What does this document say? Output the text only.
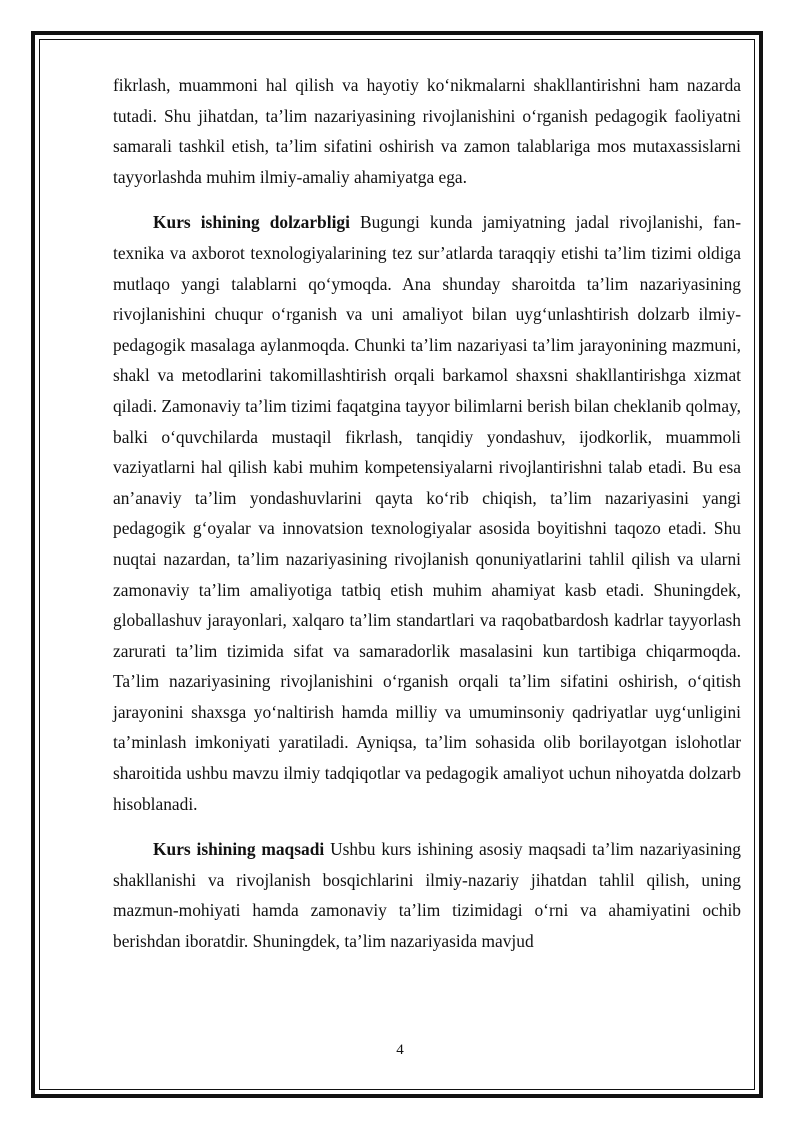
fikrlash, muammoni hal qilish va hayotiy ko‘nikmalarni shakllantirishni ham nazarda tutadi. Shu jihatdan, ta’lim nazariyasining rivojlanishini o‘rganish pedagogik faoliyatni samarali tashkil etish, ta’lim sifatini oshirish va zamon talablariga mos mutaxassislarni tayyorlashda muhim ilmiy-amaliy ahamiyatga ega.

Kurs ishining dolzarbligi Bugungi kunda jamiyatning jadal rivojlanishi, fan-texnika va axborot texnologiyalarining tez sur’atlarda taraqqiy etishi ta’lim tizimi oldiga mutlaqo yangi talablarni qo‘ymoqda. Ana shunday sharoitda ta’lim nazariyasining rivojlanishini chuqur o‘rganish va uni amaliyot bilan uyg‘unlashtirish dolzarb ilmiy-pedagogik masalaga aylanmoqda. Chunki ta’lim nazariyasi ta’lim jarayonining mazmuni, shakl va metodlarini takomillashtirish orqali barkamol shaxsni shakllantirishga xizmat qiladi. Zamonaviy ta’lim tizimi faqatgina tayyor bilimlarni berish bilan cheklanib qolmay, balki o‘quvchilarda mustaqil fikrlash, tanqidiy yondashuv, ijodkorlik, muammoli vaziyatlarni hal qilish kabi muhim kompetensiyalarni rivojlantirishni talab etadi. Bu esa an’anaviy ta’lim yondashuvlarini qayta ko‘rib chiqish, ta’lim nazariyasini yangi pedagogik g‘oyalar va innovatsion texnologiyalar asosida boyitishni taqozo etadi. Shu nuqtai nazardan, ta’lim nazariyasining rivojlanish qonuniyatlarini tahlil qilish va ularni zamonaviy ta’lim amaliyotiga tatbiq etish muhim ahamiyat kasb etadi. Shuningdek, globallashuv jarayonlari, xalqaro ta’lim standartlari va raqobatbardosh kadrlar tayyorlash zarurati ta’lim tizimida sifat va samaradorlik masalasini kun tartibiga chiqarmoqda. Ta’lim nazariyasining rivojlanishini o‘rganish orqali ta’lim sifatini oshirish, o‘qitish jarayonini shaxsga yo‘naltirish hamda milliy va umuminsoniy qadriyatlar uyg‘unligini ta’minlash imkoniyati yaratiladi. Ayniqsa, ta’lim sohasida olib borilayotgan islohotlar sharoitida ushbu mavzu ilmiy tadqiqotlar va pedagogik amaliyot uchun nihoyatda dolzarb hisoblanadi.

Kurs ishining maqsadi Ushbu kurs ishining asosiy maqsadi ta’lim nazariyasining shakllanishi va rivojlanish bosqichlarini ilmiy-nazariy jihatdan tahlil qilish, uning mazmun-mohiyati hamda zamonaviy ta’lim tizimidagi o‘rni va ahamiyatini ochib berishdan iboratdir. Shuningdek, ta’lim nazariyasida mavjud

4
